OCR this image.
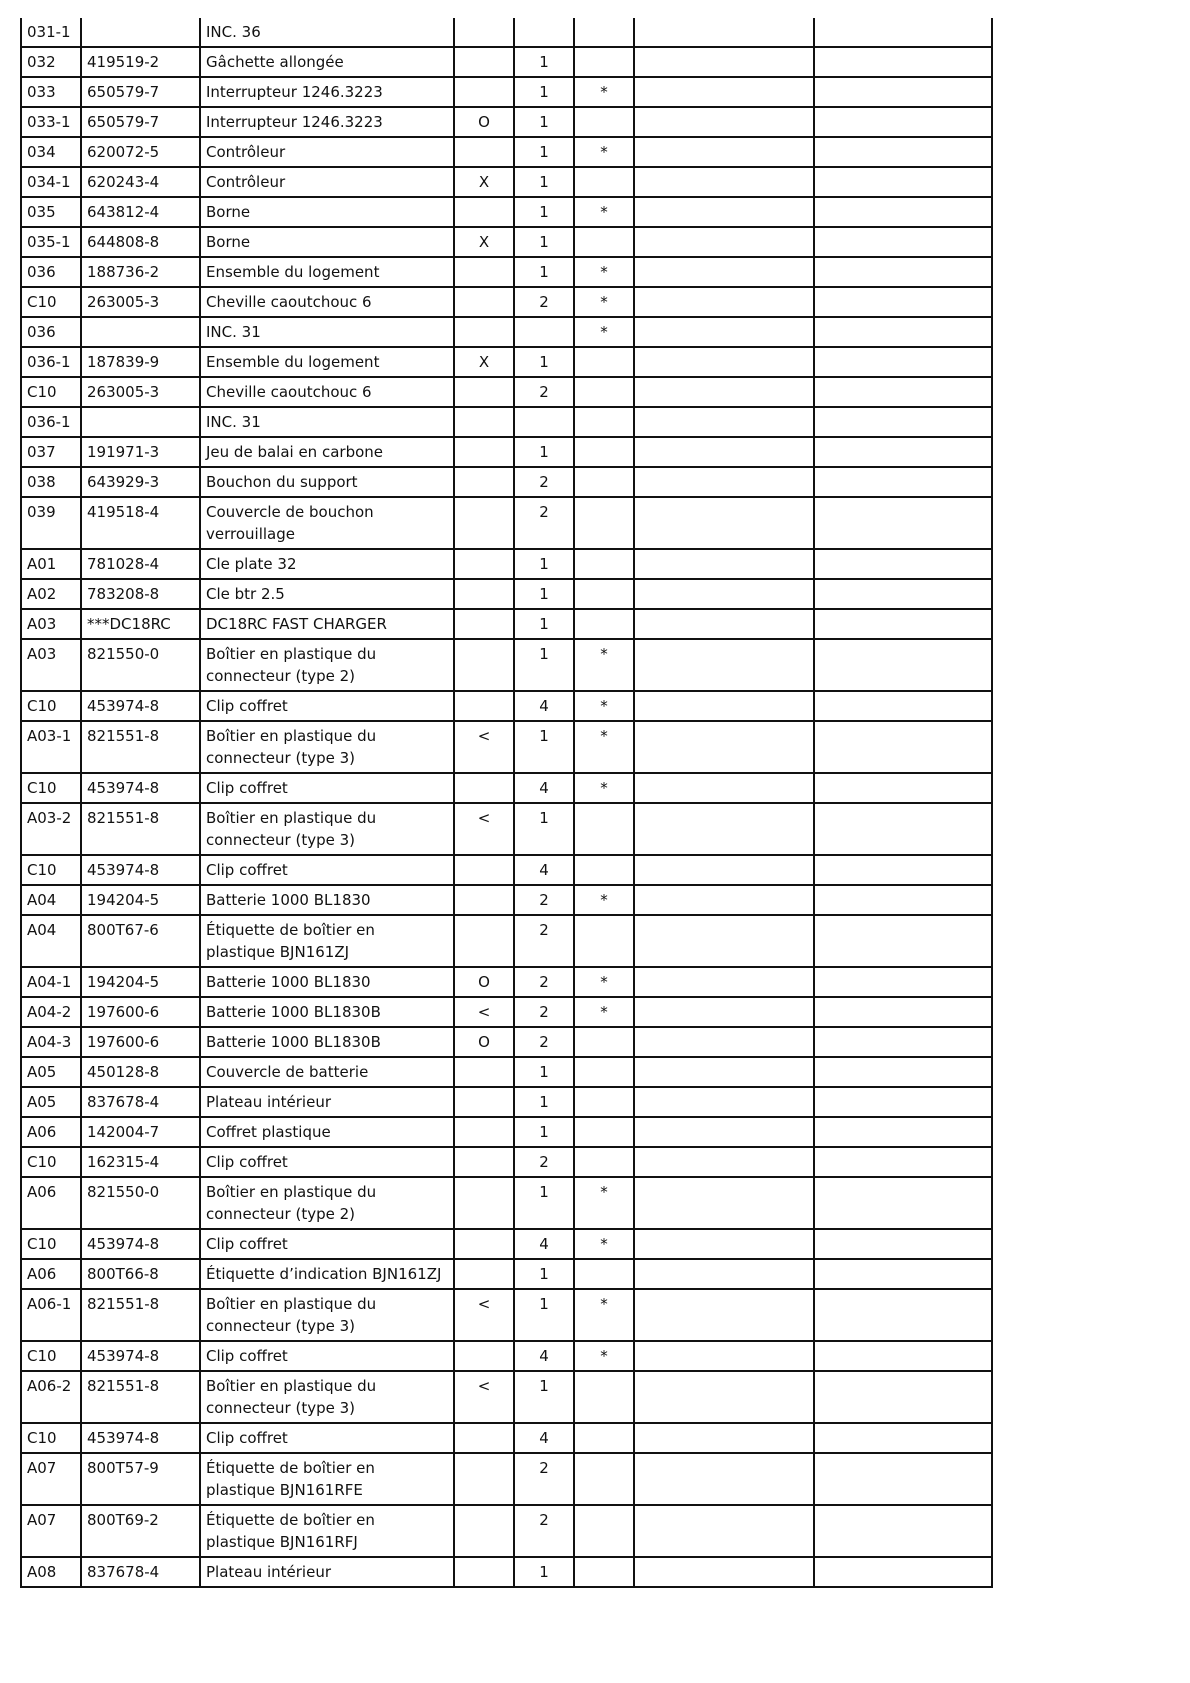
031-1		INC. 36					
032	419519-2	Gâchette allongée		1			
033	650579-7	Interrupteur 1246.3223		1	*		
033-1	650579-7	Interrupteur 1246.3223	O	1			
034	620072-5	Contrôleur		1	*		
034-1	620243-4	Contrôleur	X	1			
035	643812-4	Borne		1	*		
035-1	644808-8	Borne	X	1			
036	188736-2	Ensemble du logement		1	*		
C10	263005-3	Cheville caoutchouc 6		2	*		
036		INC. 31			*		
036-1	187839-9	Ensemble du logement	X	1			
C10	263005-3	Cheville caoutchouc 6		2			
036-1		INC. 31					
037	191971-3	Jeu de balai en carbone		1			
038	643929-3	Bouchon du support		2			
039	419518-4	Couvercle de bouchon verrouillage		2			
A01	781028-4	Cle plate 32		1			
A02	783208-8	Cle btr 2.5		1			
A03	***DC18RC	DC18RC FAST CHARGER		1			
A03	821550-0	Boîtier en plastique du connecteur (type 2)		1	*		
C10	453974-8	Clip coffret		4	*		
A03-1	821551-8	Boîtier en plastique du connecteur (type 3)	<	1	*		
C10	453974-8	Clip coffret		4	*		
A03-2	821551-8	Boîtier en plastique du connecteur (type 3)	<	1			
C10	453974-8	Clip coffret		4			
A04	194204-5	Batterie 1000 BL1830		2	*		
A04	800T67-6	Étiquette de boîtier en plastique BJN161ZJ		2			
A04-1	194204-5	Batterie 1000 BL1830	O	2	*		
A04-2	197600-6	Batterie 1000 BL1830B	<	2	*		
A04-3	197600-6	Batterie 1000 BL1830B	O	2			
A05	450128-8	Couvercle de batterie		1			
A05	837678-4	Plateau intérieur		1			
A06	142004-7	Coffret plastique		1			
C10	162315-4	Clip coffret		2			
A06	821550-0	Boîtier en plastique du connecteur (type 2)		1	*		
C10	453974-8	Clip coffret		4	*		
A06	800T66-8	Étiquette d’indication BJN161ZJ		1			
A06-1	821551-8	Boîtier en plastique du connecteur (type 3)	<	1	*		
C10	453974-8	Clip coffret		4	*		
A06-2	821551-8	Boîtier en plastique du connecteur (type 3)	<	1			
C10	453974-8	Clip coffret		4			
A07	800T57-9	Étiquette de boîtier en plastique BJN161RFE		2			
A07	800T69-2	Étiquette de boîtier en plastique BJN161RFJ		2			
A08	837678-4	Plateau intérieur		1			
